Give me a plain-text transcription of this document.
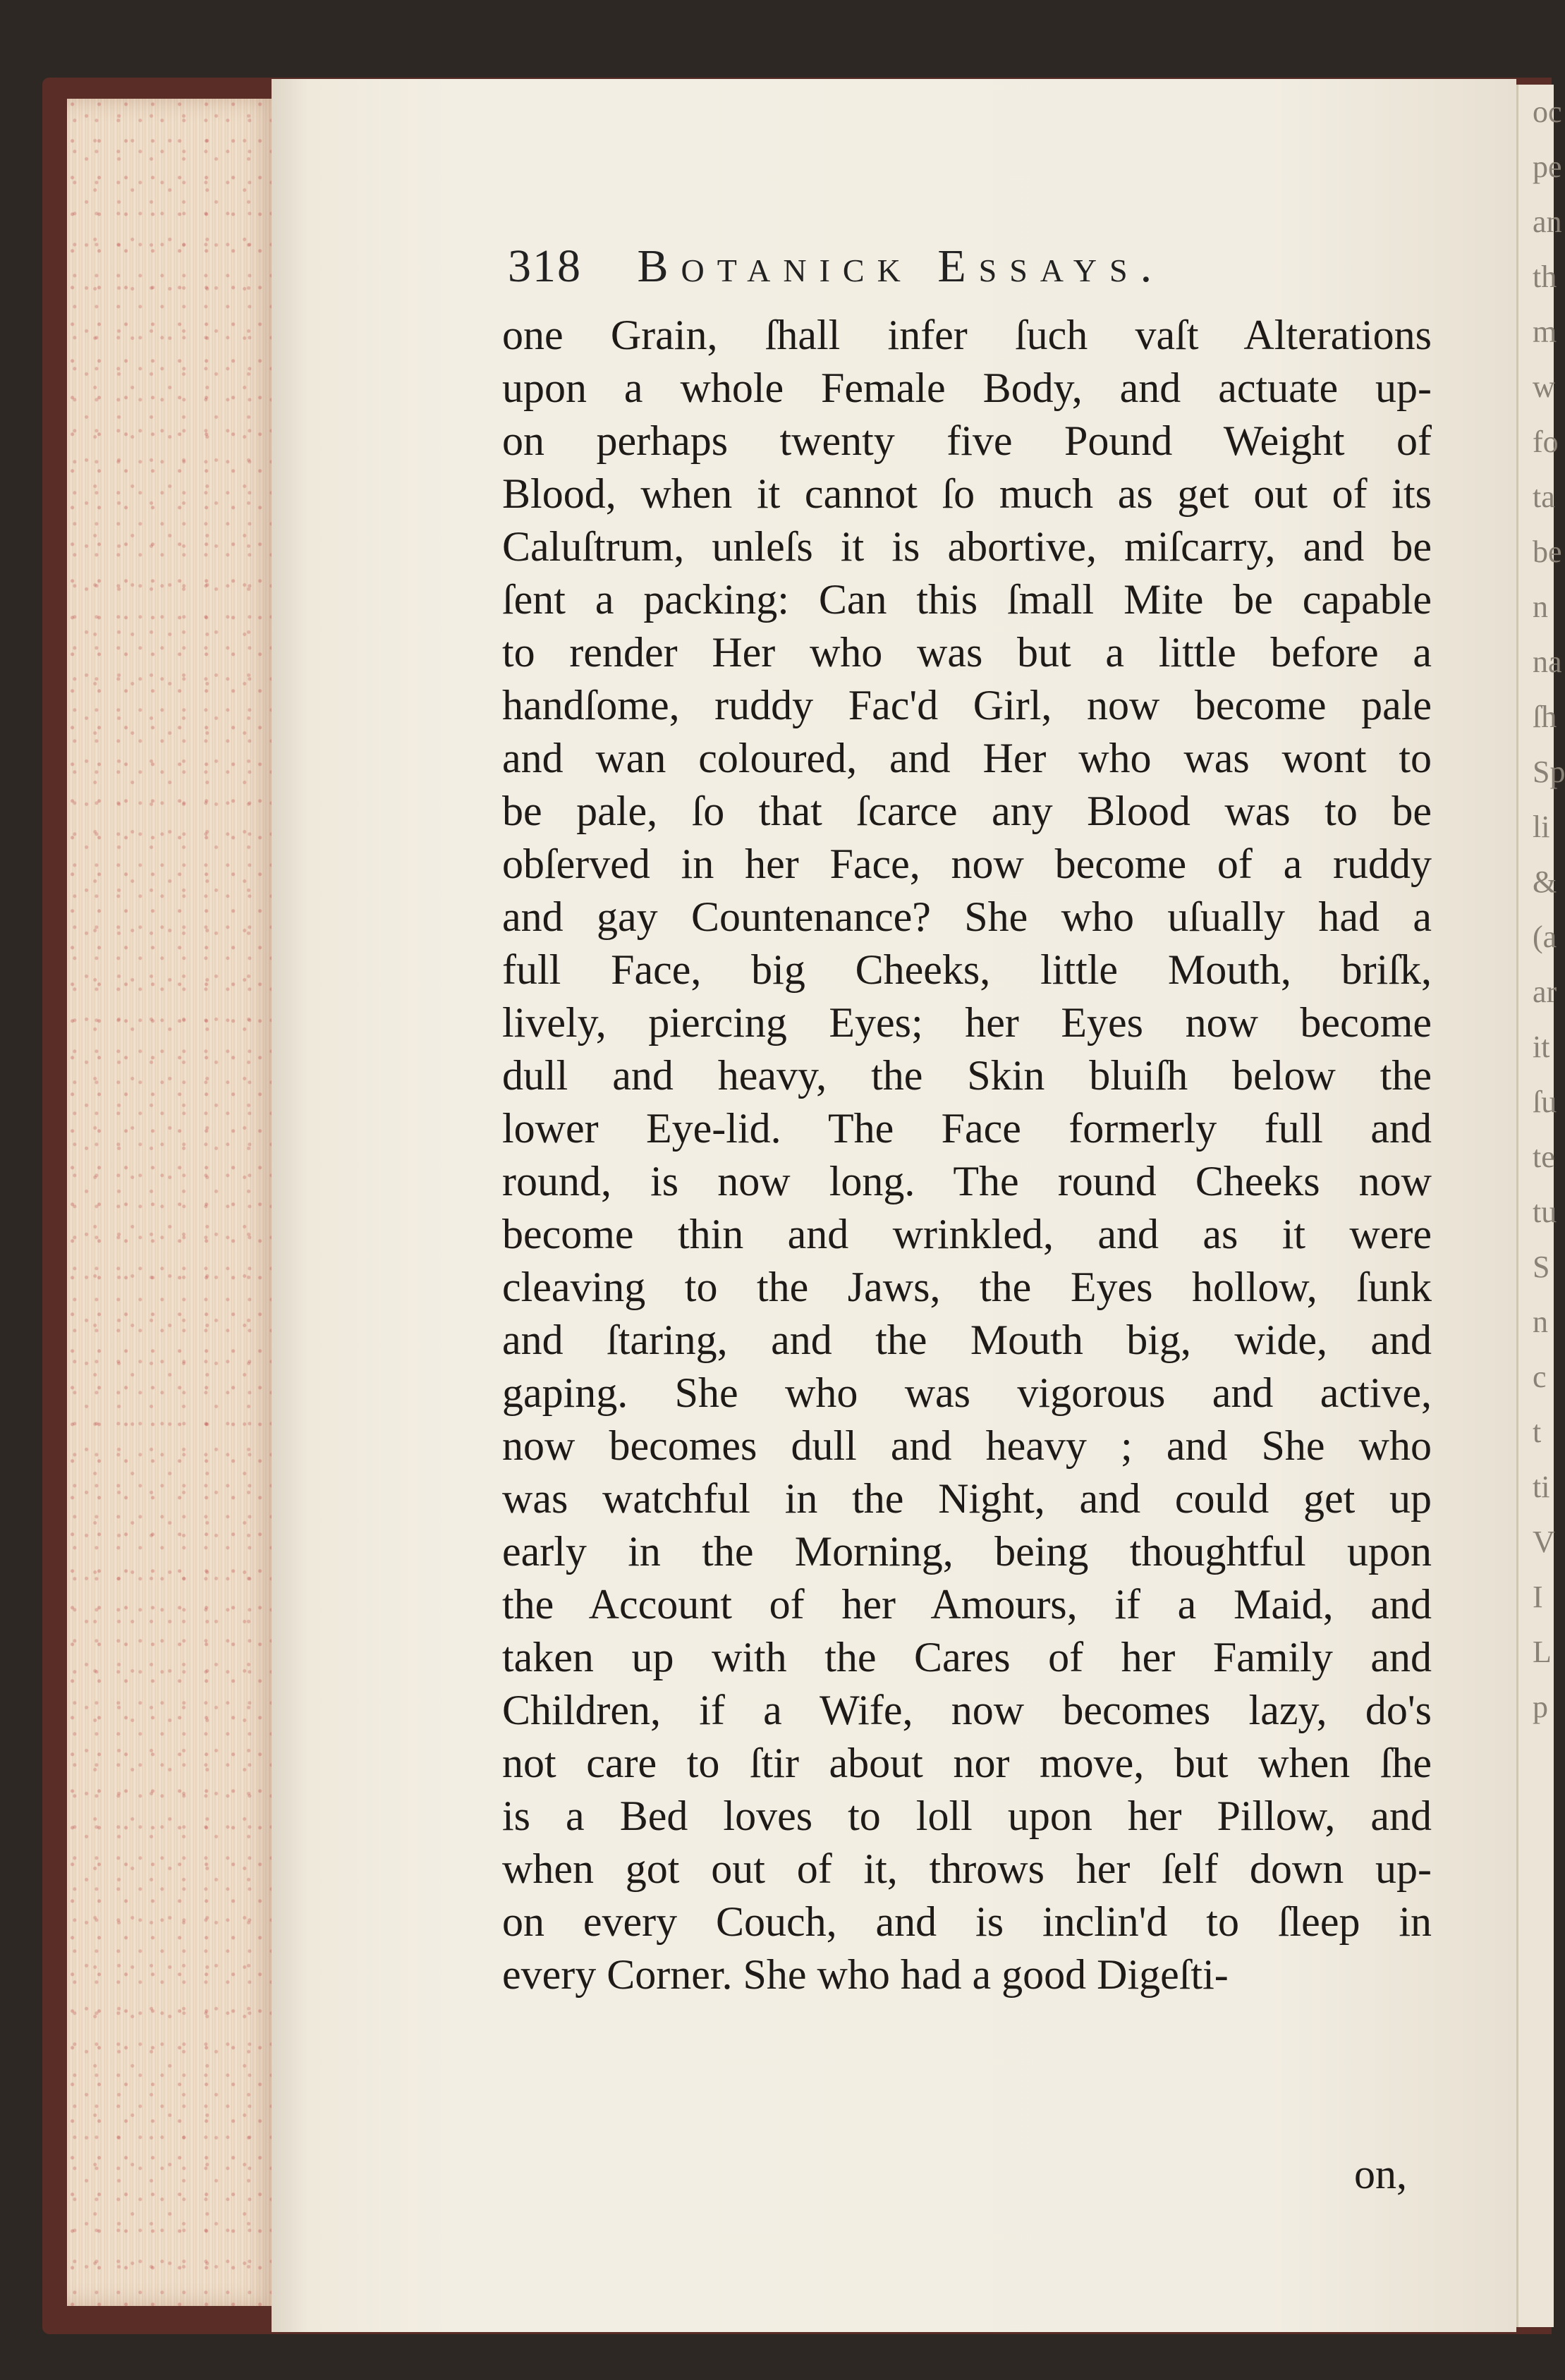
oc
pe
an
th
m
w
fo
ta
be
n
na
ſh
Sp
li
&
(a
ar
it
ſu
te
tu
S
n
c
t
ti
V
I
L
p
318 Botanick Essays.
one Grain, ſhall infer ſuch vaſt Alterations
upon a whole Female Body, and actuate up-
on perhaps twenty five Pound Weight of
Blood, when it cannot ſo much as get out of its
Caluſtrum, unleſs it is abortive, miſcarry, and be
ſent a packing: Can this ſmall Mite be capable
to render Her who was but a little before a
handſome, ruddy Fac'd Girl, now become pale
and wan coloured, and Her who was wont to
be pale, ſo that ſcarce any Blood was to be
obſerved in her Face, now become of a ruddy
and gay Countenance? She who uſually had a
full Face, big Cheeks, little Mouth, briſk,
lively, piercing Eyes; her Eyes now become
dull and heavy, the Skin bluiſh below the
lower Eye-lid. The Face formerly full and
round, is now long. The round Cheeks now
become thin and wrinkled, and as it were
cleaving to the Jaws, the Eyes hollow, ſunk
and ſtaring, and the Mouth big, wide, and
gaping. She who was vigorous and active,
now becomes dull and heavy ; and She who
was watchful in the Night, and could get up
early in the Morning, being thoughtful upon
the Account of her Amours, if a Maid, and
taken up with the Cares of her Family and
Children, if a Wife, now becomes lazy, do's
not care to ſtir about nor move, but when ſhe
is a Bed loves to loll upon her Pillow, and
when got out of it, throws her ſelf down up-
on every Couch, and is inclin'd to ſleep in
every Corner. She who had a good Digeſti-
on,
